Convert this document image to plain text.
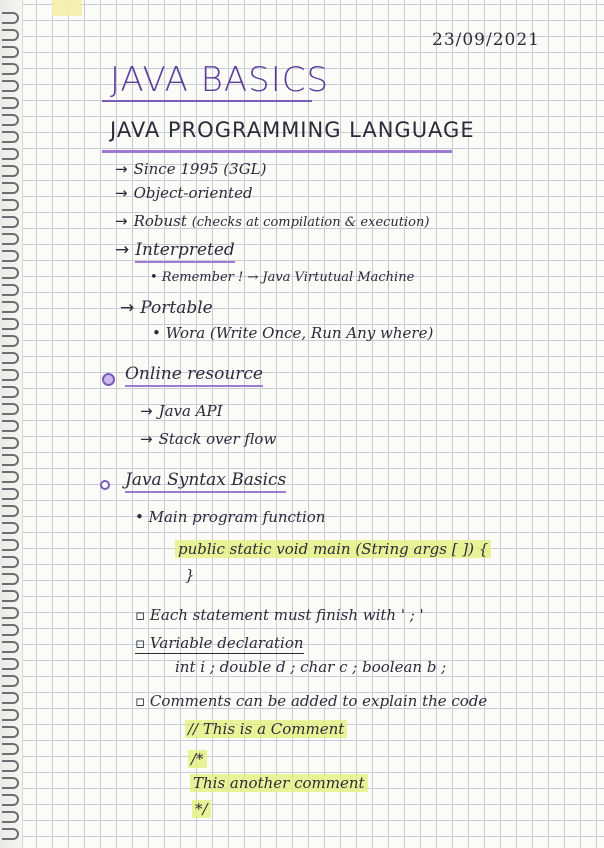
23/09/2021
JAVA BASICS
JAVA PROGRAMMING LANGUAGE
→ Since 1995 (3GL)
→ Object-oriented
→ Robust (checks at compilation & execution)
→ Interpreted
• Remember ! → Java Virtutual Machine
→ Portable
• Wora (Write Once, Run Any where)
Online resource
→ Java API
→ Stack over flow
Java Syntax Basics
• Main program function
public static void main (String args [ ]) {
}
▫ Each statement must finish with ' ; '
▫ Variable declaration
int i ; double d ; char c ; boolean b ;
▫ Comments can be added to explain the code
// This is a Comment
/*
This another comment
*/
